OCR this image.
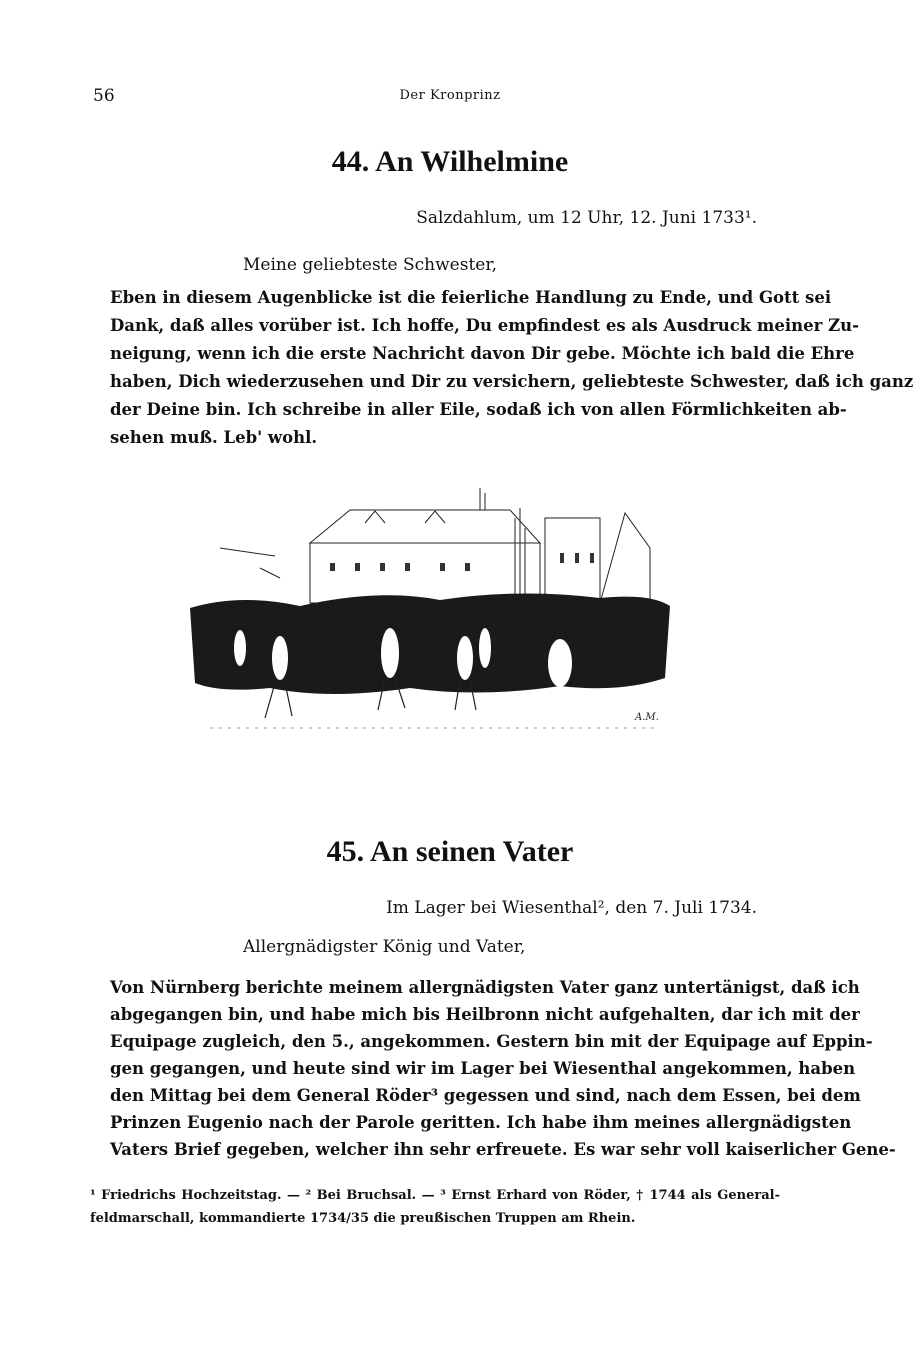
56	Der Kronprinz
44. An Wilhelmine
Salzdahlum, um 12 Uhr, 12. Juni 1733¹.
Meine geliebteste Schwester,
Eben in diesem Augenblicke ist die feierliche Handlung zu Ende, und Gott sei
Dank, daß alles vorüber ist. Ich hoffe, Du empfindest es als Ausdruck meiner Zu-
neigung, wenn ich die erste Nachricht davon Dir gebe. Möchte ich bald die Ehre
haben, Dich wiederzusehen und Dir zu versichern, geliebteste Schwester, daß ich ganz
der Deine bin. Ich schreibe in aller Eile, sodaß ich von allen Förmlichkeiten ab-
sehen muß. Leb' wohl.
A.M.
45. An seinen Vater
Im Lager bei Wiesenthal², den 7. Juli 1734.
Allergnädigster König und Vater,
Von Nürnberg berichte meinem allergnädigsten Vater ganz untertänigst, daß ich
abgegangen bin, und habe mich bis Heilbronn nicht aufgehalten, dar ich mit der
Equipage zugleich, den 5., angekommen. Gestern bin mit der Equipage auf Eppin-
gen gegangen, und heute sind wir im Lager bei Wiesenthal angekommen, haben
den Mittag bei dem General Röder³ gegessen und sind, nach dem Essen, bei dem
Prinzen Eugenio nach der Parole geritten. Ich habe ihm meines allergnädigsten
Vaters Brief gegeben, welcher ihn sehr erfreuete. Es war sehr voll kaiserlicher Gene-
¹ Friedrichs Hochzeitstag. — ² Bei Bruchsal. — ³ Ernst Erhard von Röder, † 1744 als General-
feldmarschall, kommandierte 1734/35 die preußischen Truppen am Rhein.
